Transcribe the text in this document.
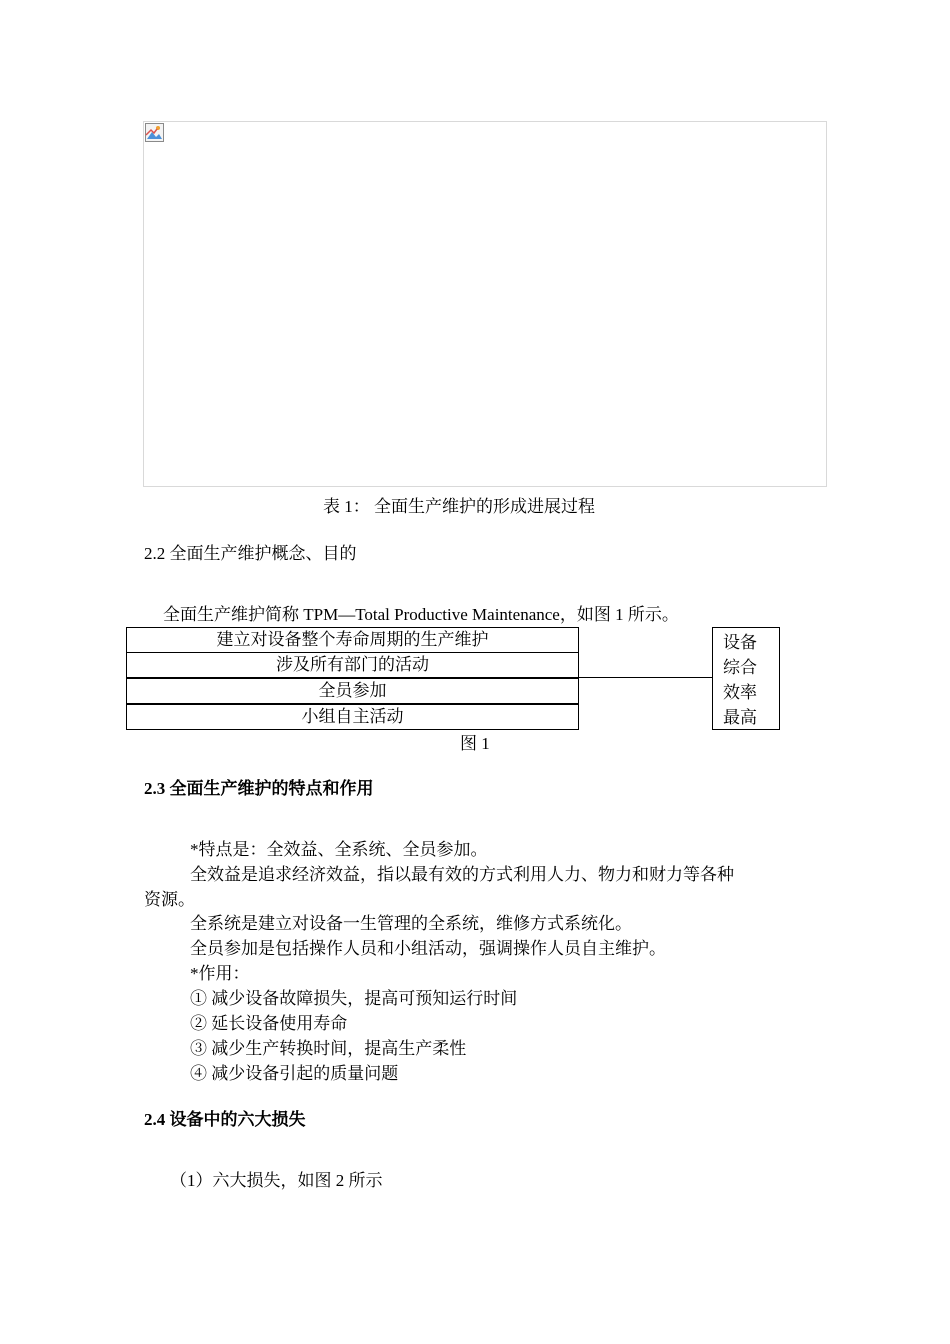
表 1： 全面生产维护的形成进展过程
2.2 全面生产维护概念、目的
全面生产维护简称 TPM—Total Productive Maintenance，如图 1 所示。
建立对设备整个寿命周期的生产维护
涉及所有部门的活动
全员参加
小组自主活动
设备
综合
效率
最高
图 1
2.3 全面生产维护的特点和作用
*特点是：全效益、全系统、全员参加。
全效益是追求经济效益，指以最有效的方式利用人力、物力和财力等各种
资源。
全系统是建立对设备一生管理的全系统，维修方式系统化。
全员参加是包括操作人员和小组活动，强调操作人员自主维护。
*作用：
① 减少设备故障损失，提高可预知运行时间
② 延长设备使用寿命
③ 减少生产转换时间，提高生产柔性
④ 减少设备引起的质量问题
2.4 设备中的六大损失
（1）六大损失，如图 2 所示
